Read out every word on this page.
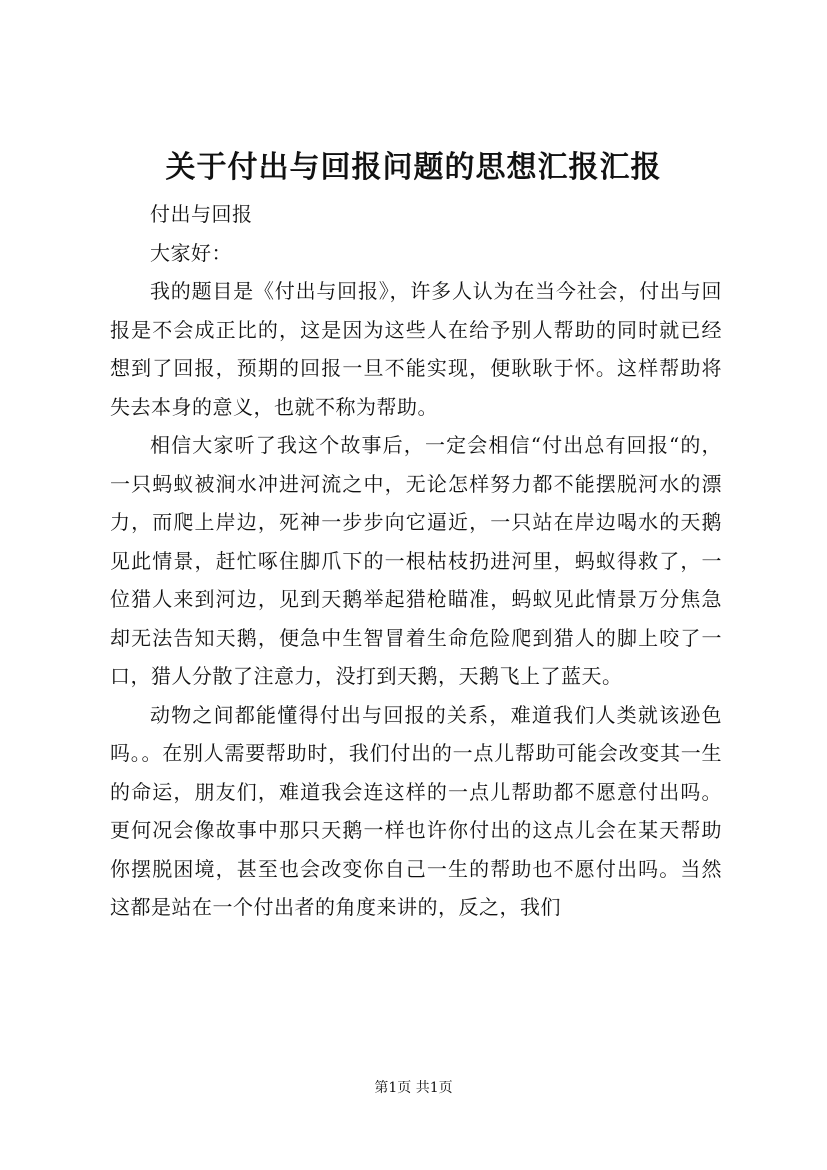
关于付出与回报问题的思想汇报汇报

付出与回报

大家好：

我的题目是《付出与回报》，许多人认为在当今社会，付出与回报是不会成正比的，这是因为这些人在给予别人帮助的同时就已经想到了回报，预期的回报一旦不能实现，便耿耿于怀。这样帮助将失去本身的意义，也就不称为帮助。

相信大家听了我这个故事后，一定会相信“付出总有回报“的，一只蚂蚁被涧水冲进河流之中，无论怎样努力都不能摆脱河水的漂力，而爬上岸边，死神一步步向它逼近，一只站在岸边喝水的天鹅见此情景，赶忙啄住脚爪下的一根枯枝扔进河里，蚂蚁得救了，一位猎人来到河边，见到天鹅举起猎枪瞄准，蚂蚁见此情景万分焦急却无法告知天鹅，便急中生智冒着生命危险爬到猎人的脚上咬了一口，猎人分散了注意力，没打到天鹅，天鹅飞上了蓝天。

动物之间都能懂得付出与回报的关系，难道我们人类就该逊色吗。。在别人需要帮助时，我们付出的一点儿帮助可能会改变其一生的命运，朋友们，难道我会连这样的一点儿帮助都不愿意付出吗。更何况会像故事中那只天鹅一样也许你付出的这点儿会在某天帮助你摆脱困境，甚至也会改变你自己一生的帮助也不愿付出吗。当然这都是站在一个付出者的角度来讲的，反之，我们

第1页 共1页
